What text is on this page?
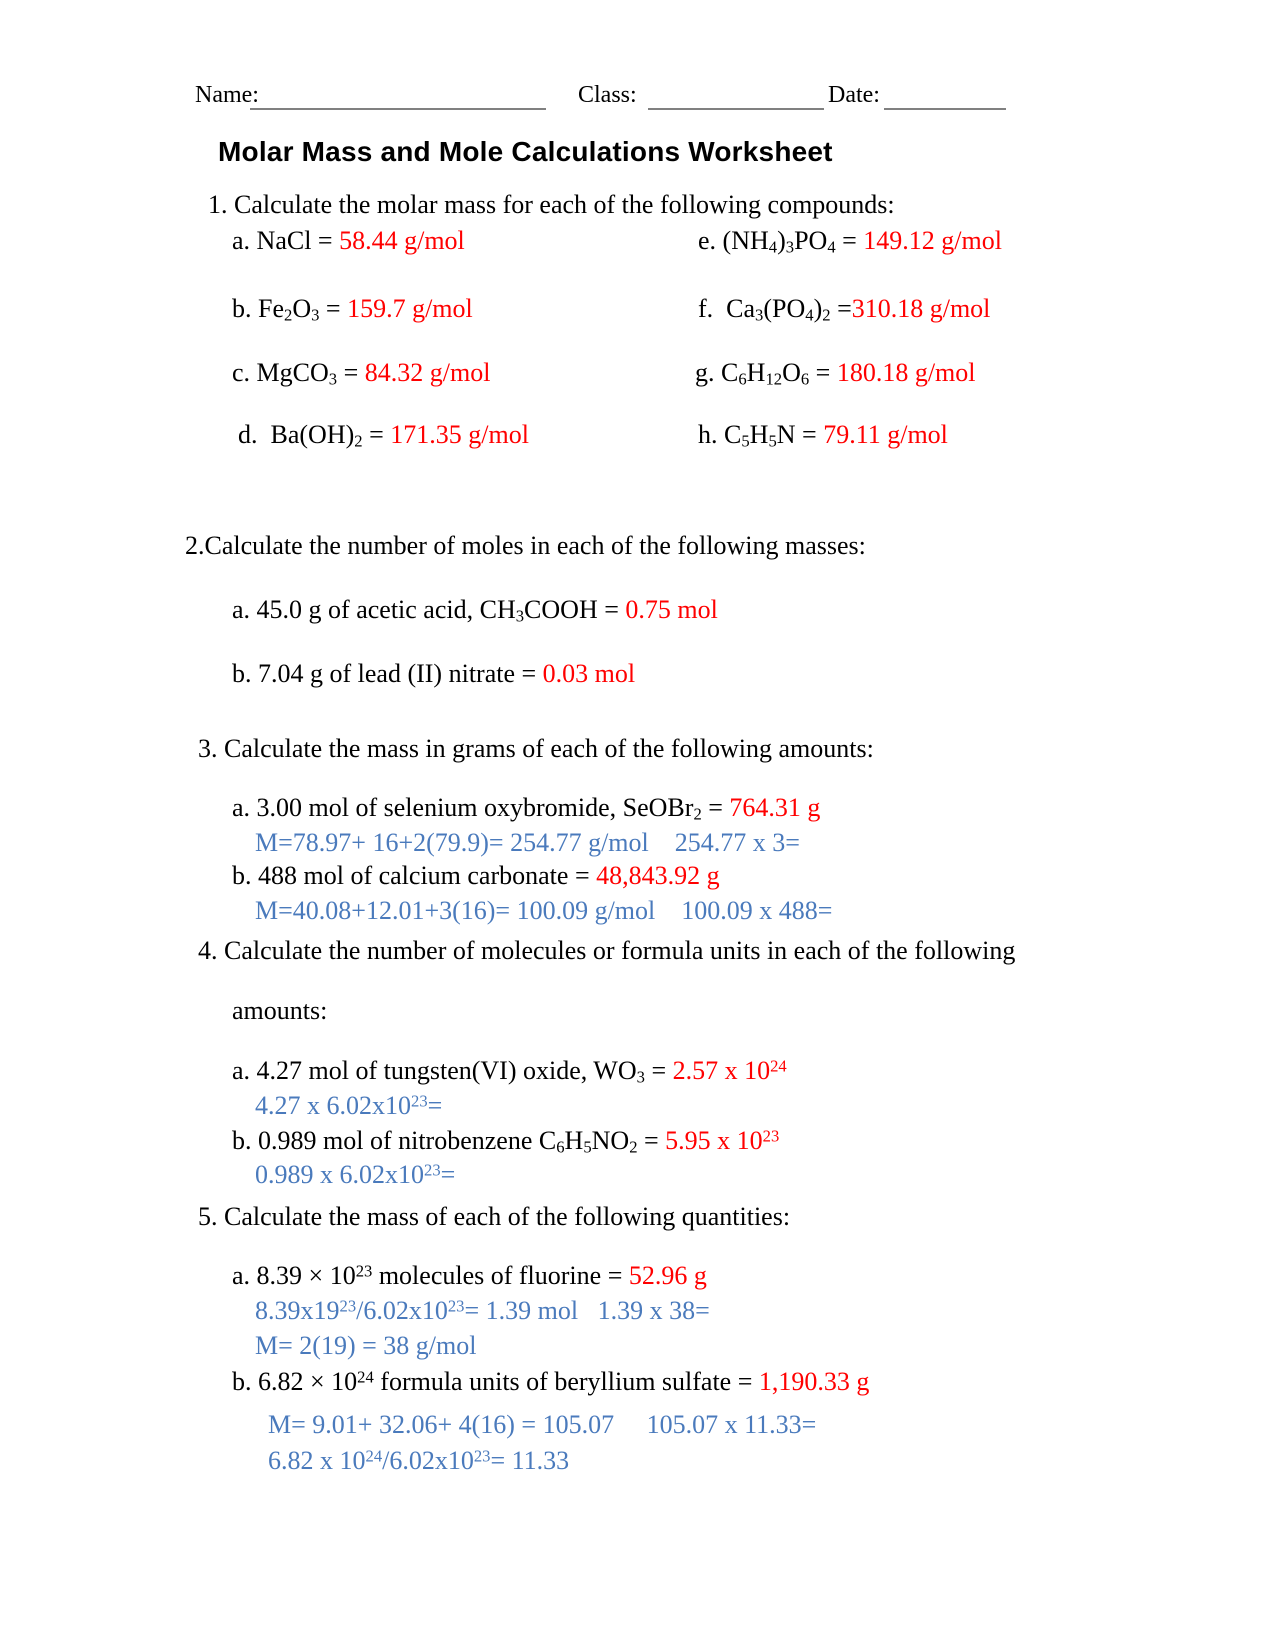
Name:	Class:	Date:
Molar Mass and Mole Calculations Worksheet
1. Calculate the molar mass for each of the following compounds:
a. NaCl = 58.44 g/mol	e. $(NH_4)_3PO_4 = 149.12$ g/mol
b. $Fe_2O_3 = 159.7$ g/mol	f.  $Ca_3(PO_4)_2 =310.18$ g/mol
c. MgCO$_3$ = 84.32 g/mol	g. $C_6H_{12}O_6 = 180.18$ g/mol
d.  $Ba(OH)_2 = 171.35$ g/mol	h. $C_5H_5N = 79.11$ g/mol
2.Calculate the number of moles in each of the following masses:
a. 45.0 g of acetic acid, $CH_3COOH = 0.75$ mol
b. 7.04 g of lead (II) nitrate = 0.03 mol
3. Calculate the mass in grams of each of the following amounts:
a. 3.00 mol of selenium oxybromide, SeOBr$_2$ = 764.31 g
M=78.97+ 16+2(79.9)= 254.77 g/mol    254.77 x 3=
b. 488 mol of calcium carbonate = 48,843.92 g
M=40.08+12.01+3(16)= 100.09 g/mol    100.09 x 488=
4. Calculate the number of molecules or formula units in each of the following
amounts:
a. 4.27 mol of tungsten(VI) oxide, $WO_3 = 2.57$ x $10^{24}$
4.27 x $6.02x10^{23}=$
b. 0.989 mol of nitrobenzene $C_6H_5NO_2 = 5.95$ x $10^{23}$
0.989 x $6.02x10^{23}=$
5. Calculate the mass of each of the following quantities:
a. $8.39 \times 10^{23}$ molecules of fluorine = 52.96 g
$8.39x19^{23}/6.02x10^{23}= 1.39$ mol   1.39 x 38=
M= 2(19) = 38 g/mol
b. $6.82 \times 10^{24}$ formula units of beryllium sulfate = 1,190.33 g
M= 9.01+ 32.06+ 4(16) = 105.07     105.07 x 11.33=
6.82 x $10^{24}/6.02x10^{23}= 11.33$
